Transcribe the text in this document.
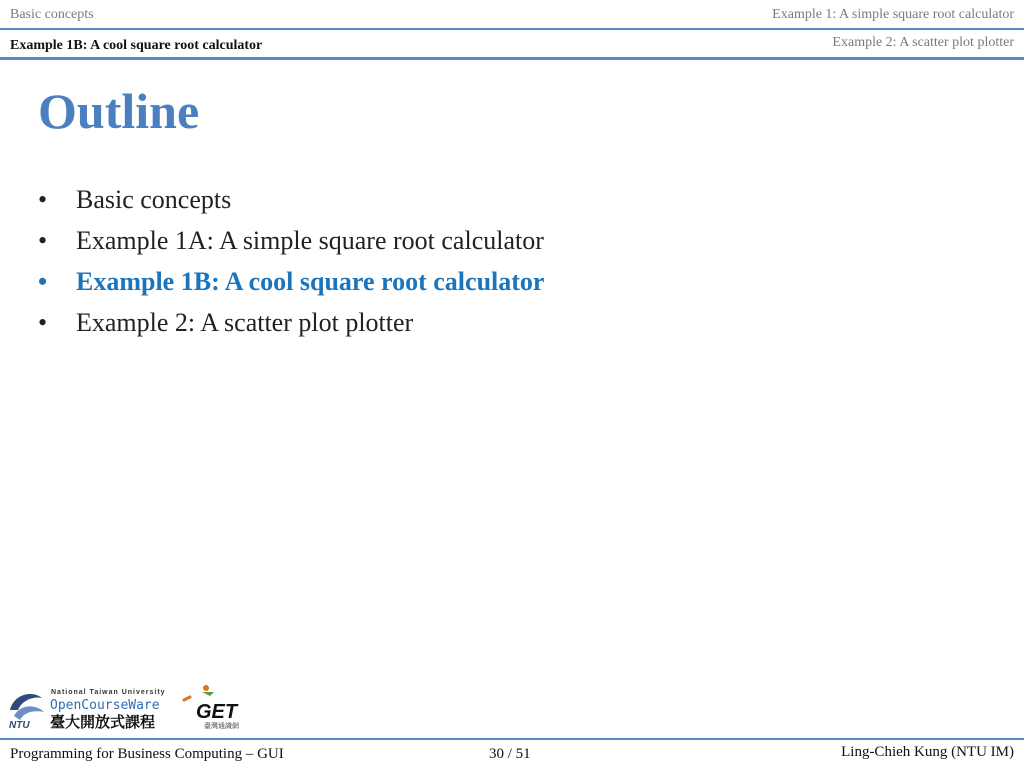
Basic concepts	Example 1: A simple square root calculator
Example 1B: A cool square root calculator	Example 2: A scatter plot plotter
Outline
•	Basic concepts
•	Example 1A: A simple square root calculator
•	Example 1B: A cool square root calculator
•	Example 2: A scatter plot plotter
NTU
National Taiwan University
OpenCourseWare
臺大開放式課程 GET
臺灣通識網
Programming for Business Computing – GUI	30 / 51	Ling-Chieh Kung (NTU IM)
